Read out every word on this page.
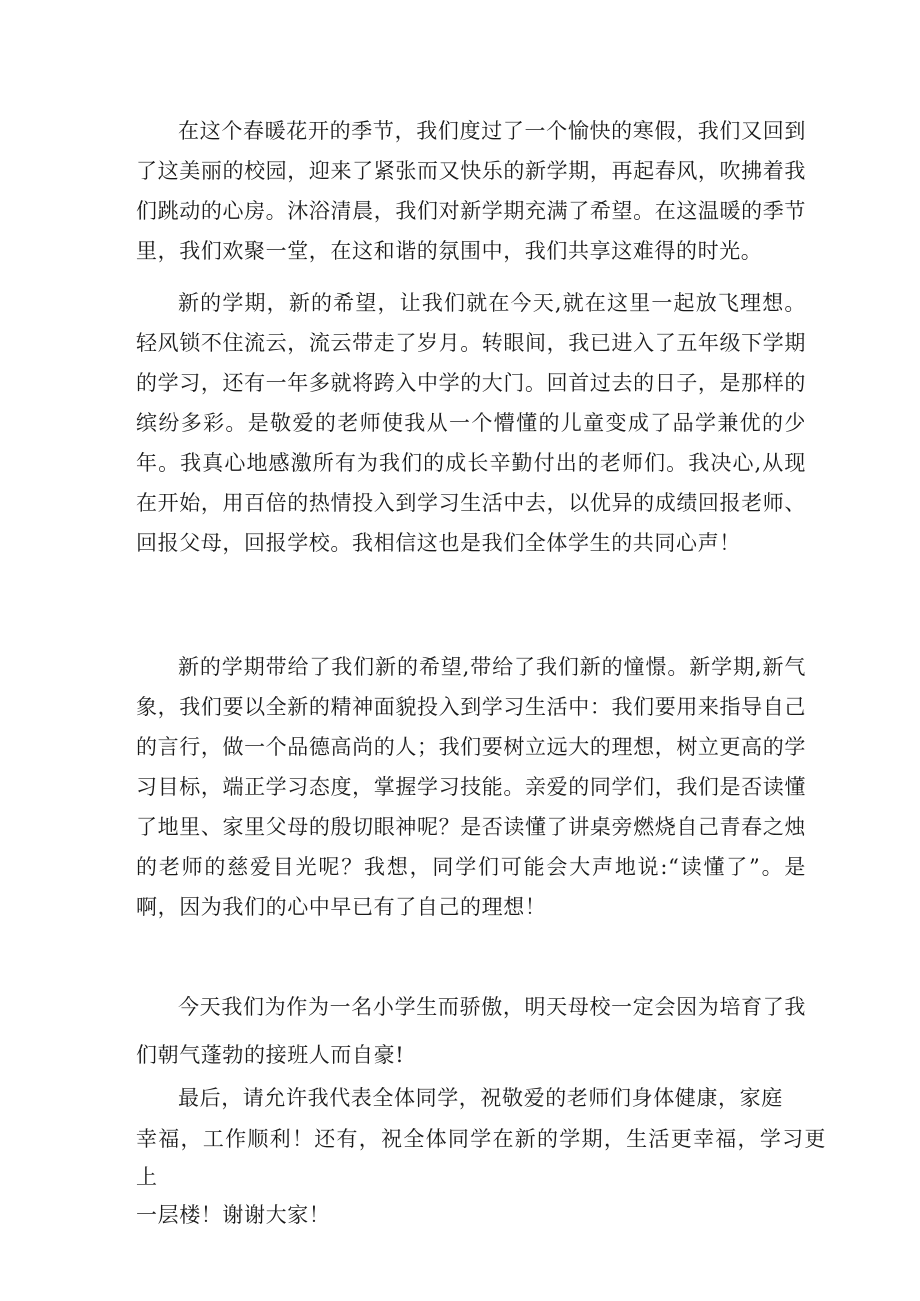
在这个春暖花开的季节，我们度过了一个愉快的寒假，我们又回到了这美丽的校园，迎来了紧张而又快乐的新学期，再起春风，吹拂着我们跳动的心房。沐浴清晨，我们对新学期充满了希望。在这温暖的季节里，我们欢聚一堂，在这和谐的氛围中，我们共享这难得的时光。

新的学期，新的希望，让我们就在今天,就在这里一起放飞理想。轻风锁不住流云，流云带走了岁月。转眼间，我已进入了五年级下学期的学习，还有一年多就将跨入中学的大门。回首过去的日子，是那样的缤纷多彩。是敬爱的老师使我从一个懵懂的儿童变成了品学兼优的少年。我真心地感激所有为我们的成长辛勤付出的老师们。我决心,从现在开始，用百倍的热情投入到学习生活中去，以优异的成绩回报老师、回报父母，回报学校。我相信这也是我们全体学生的共同心声！

新的学期带给了我们新的希望,带给了我们新的憧憬。新学期,新气象，我们要以全新的精神面貌投入到学习生活中：我们要用来指导自己的言行，做一个品德高尚的人；我们要树立远大的理想，树立更高的学习目标，端正学习态度，掌握学习技能。亲爱的同学们，我们是否读懂了地里、家里父母的殷切眼神呢？是否读懂了讲桌旁燃烧自己青春之烛的老师的慈爱目光呢？我想，同学们可能会大声地说:“读懂了”。是啊，因为我们的心中早已有了自己的理想！

今天我们为作为一名小学生而骄傲，明天母校一定会因为培育了我们朝气蓬勃的接班人而自豪!

最后，请允许我代表全体同学，祝敬爱的老师们身体健康，家庭
幸福，工作顺利！还有，祝全体同学在新的学期，生活更幸福，学习更上
一层楼！谢谢大家！
